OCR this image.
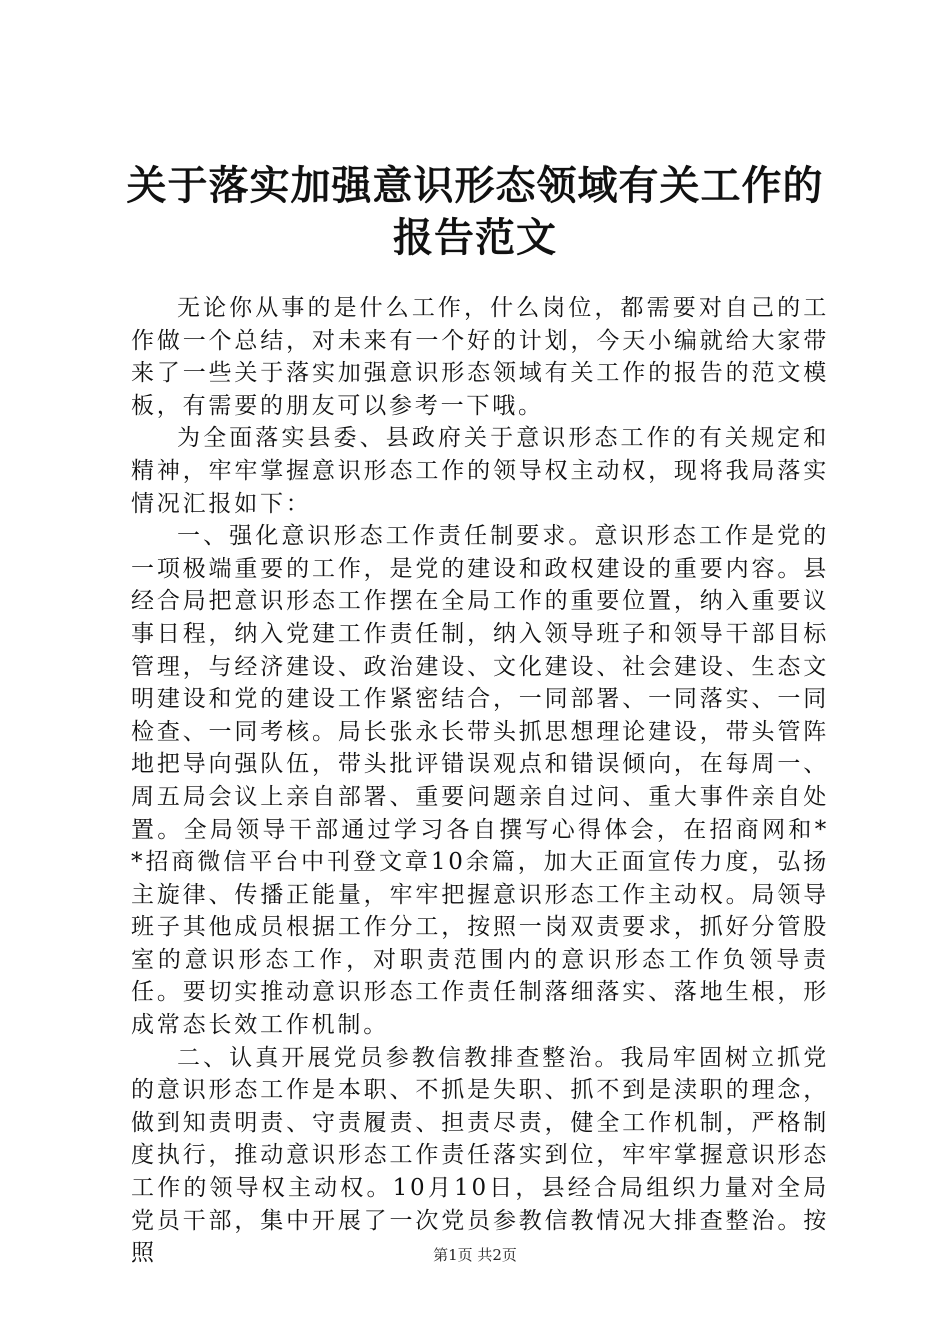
关于落实加强意识形态领域有关工作的报告范文

无论你从事的是什么工作，什么岗位，都需要对自己的工作做一个总结，对未来有一个好的计划，今天小编就给大家带来了一些关于落实加强意识形态领域有关工作的报告的范文模板，有需要的朋友可以参考一下哦。

为全面落实县委、县政府关于意识形态工作的有关规定和精神，牢牢掌握意识形态工作的领导权主动权，现将我局落实情况汇报如下：

一、强化意识形态工作责任制要求。意识形态工作是党的一项极端重要的工作，是党的建设和政权建设的重要内容。县经合局把意识形态工作摆在全局工作的重要位置，纳入重要议事日程，纳入党建工作责任制，纳入领导班子和领导干部目标管理，与经济建设、政治建设、文化建设、社会建设、生态文明建设和党的建设工作紧密结合，一同部署、一同落实、一同检查、一同考核。局长张永长带头抓思想理论建设，带头管阵地把导向强队伍，带头批评错误观点和错误倾向，在每周一、周五局会议上亲自部署、重要问题亲自过问、重大事件亲自处置。全局领导干部通过学习各自撰写心得体会，在招商网和**招商微信平台中刊登文章10余篇，加大正面宣传力度，弘扬主旋律、传播正能量，牢牢把握意识形态工作主动权。局领导班子其他成员根据工作分工，按照一岗双责要求，抓好分管股室的意识形态工作，对职责范围内的意识形态工作负领导责任。要切实推动意识形态工作责任制落细落实、落地生根，形成常态长效工作机制。

二、认真开展党员参教信教排查整治。我局牢固树立抓党的意识形态工作是本职、不抓是失职、抓不到是渎职的理念，做到知责明责、守责履责、担责尽责，健全工作机制，严格制度执行，推动意识形态工作责任落实到位，牢牢掌握意识形态工作的领导权主动权。10月10日，县经合局组织力量对全局党员干部，集中开展了一次党员参教信教情况大排查整治。按照	第1页 共2页
